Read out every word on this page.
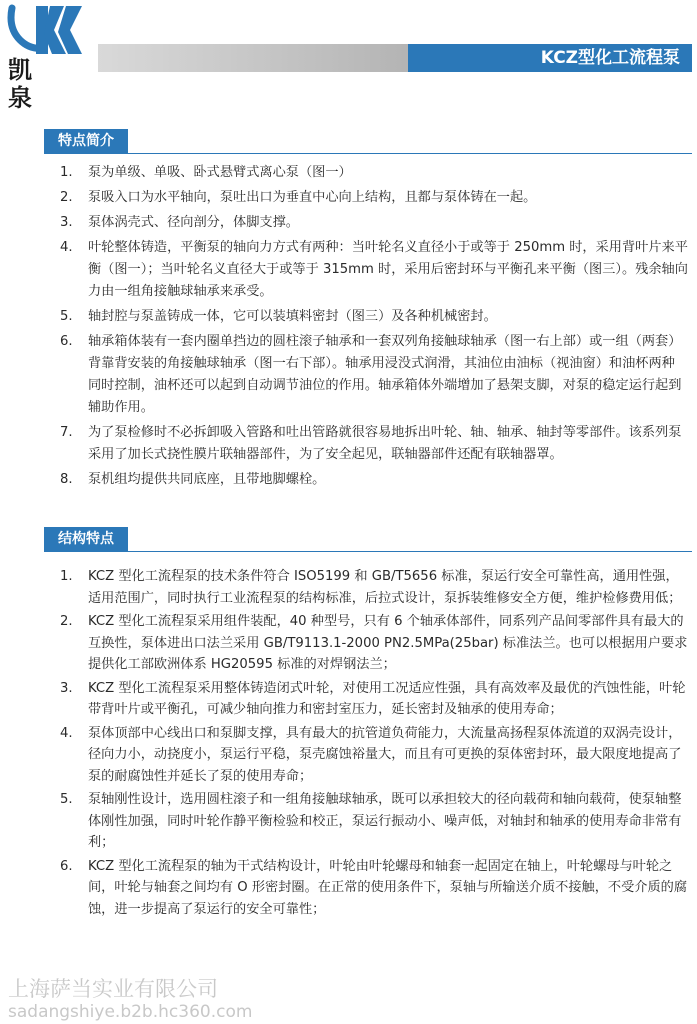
凯 泉
KCZ型化工流程泵
特点简介
1. 泵为单级、单吸、卧式悬臂式离心泵（图一）
2. 泵吸入口为水平轴向，泵吐出口为垂直中心向上结构，且都与泵体铸在一起。
3. 泵体涡壳式、径向剖分，体脚支撑。
4. 叶轮整体铸造，平衡泵的轴向力方式有两种：当叶轮名义直径小于或等于 250mm 时，采用背叶片来平衡（图一）；当叶轮名义直径大于或等于 315mm 时，采用后密封环与平衡孔来平衡（图三）。残余轴向力由一组角接触球轴承来承受。
5. 轴封腔与泵盖铸成一体，它可以装填料密封（图三）及各种机械密封。
6. 轴承箱体装有一套内圈单挡边的圆柱滚子轴承和一套双列角接触球轴承（图一右上部）或一组（两套）背靠背安装的角接触球轴承（图一右下部）。轴承用浸没式润滑，其油位由油标（视油窗）和油杯两种同时控制，油杯还可以起到自动调节油位的作用。轴承箱体外端增加了悬架支脚，对泵的稳定运行起到辅助作用。
7. 为了泵检修时不必拆卸吸入管路和吐出管路就很容易地拆出叶轮、轴、轴承、轴封等零部件。该系列泵采用了加长式挠性膜片联轴器部件，为了安全起见，联轴器部件还配有联轴器罩。
8. 泵机组均提供共同底座，且带地脚螺栓。
结构特点
1. KCZ 型化工流程泵的技术条件符合 ISO5199 和 GB/T5656 标准，泵运行安全可靠性高，通用性强，适用范围广，同时执行工业流程泵的结构标准，后拉式设计，泵拆装维修安全方便，维护检修费用低；
2. KCZ 型化工流程泵采用组件装配，40 种型号，只有 6 个轴承体部件，同系列产品间零部件具有最大的互换性，泵体进出口法兰采用 GB/T9113.1-2000 PN2.5MPa(25bar) 标准法兰。也可以根据用户要求提供化工部欧洲体系 HG20595 标准的对焊钢法兰；
3. KCZ 型化工流程泵采用整体铸造闭式叶轮，对使用工况适应性强，具有高效率及最优的汽蚀性能，叶轮带背叶片或平衡孔，可减少轴向推力和密封室压力，延长密封及轴承的使用寿命；
4. 泵体顶部中心线出口和泵脚支撑，具有最大的抗管道负荷能力，大流量高扬程泵体流道的双涡壳设计，径向力小，动挠度小，泵运行平稳，泵壳腐蚀裕量大，而且有可更换的泵体密封环，最大限度地提高了泵的耐腐蚀性并延长了泵的使用寿命；
5. 泵轴刚性设计，选用圆柱滚子和一组角接触球轴承，既可以承担较大的径向载荷和轴向载荷，使泵轴整体刚性加强，同时叶轮作静平衡检验和校正，泵运行振动小、噪声低，对轴封和轴承的使用寿命非常有利；
6. KCZ 型化工流程泵的轴为干式结构设计，叶轮由叶轮螺母和轴套一起固定在轴上，叶轮螺母与叶轮之间，叶轮与轴套之间均有 O 形密封圈。在正常的使用条件下，泵轴与所输送介质不接触，不受介质的腐蚀，进一步提高了泵运行的安全可靠性；
上海萨当实业有限公司
sadangshiye.b2b.hc360.com
